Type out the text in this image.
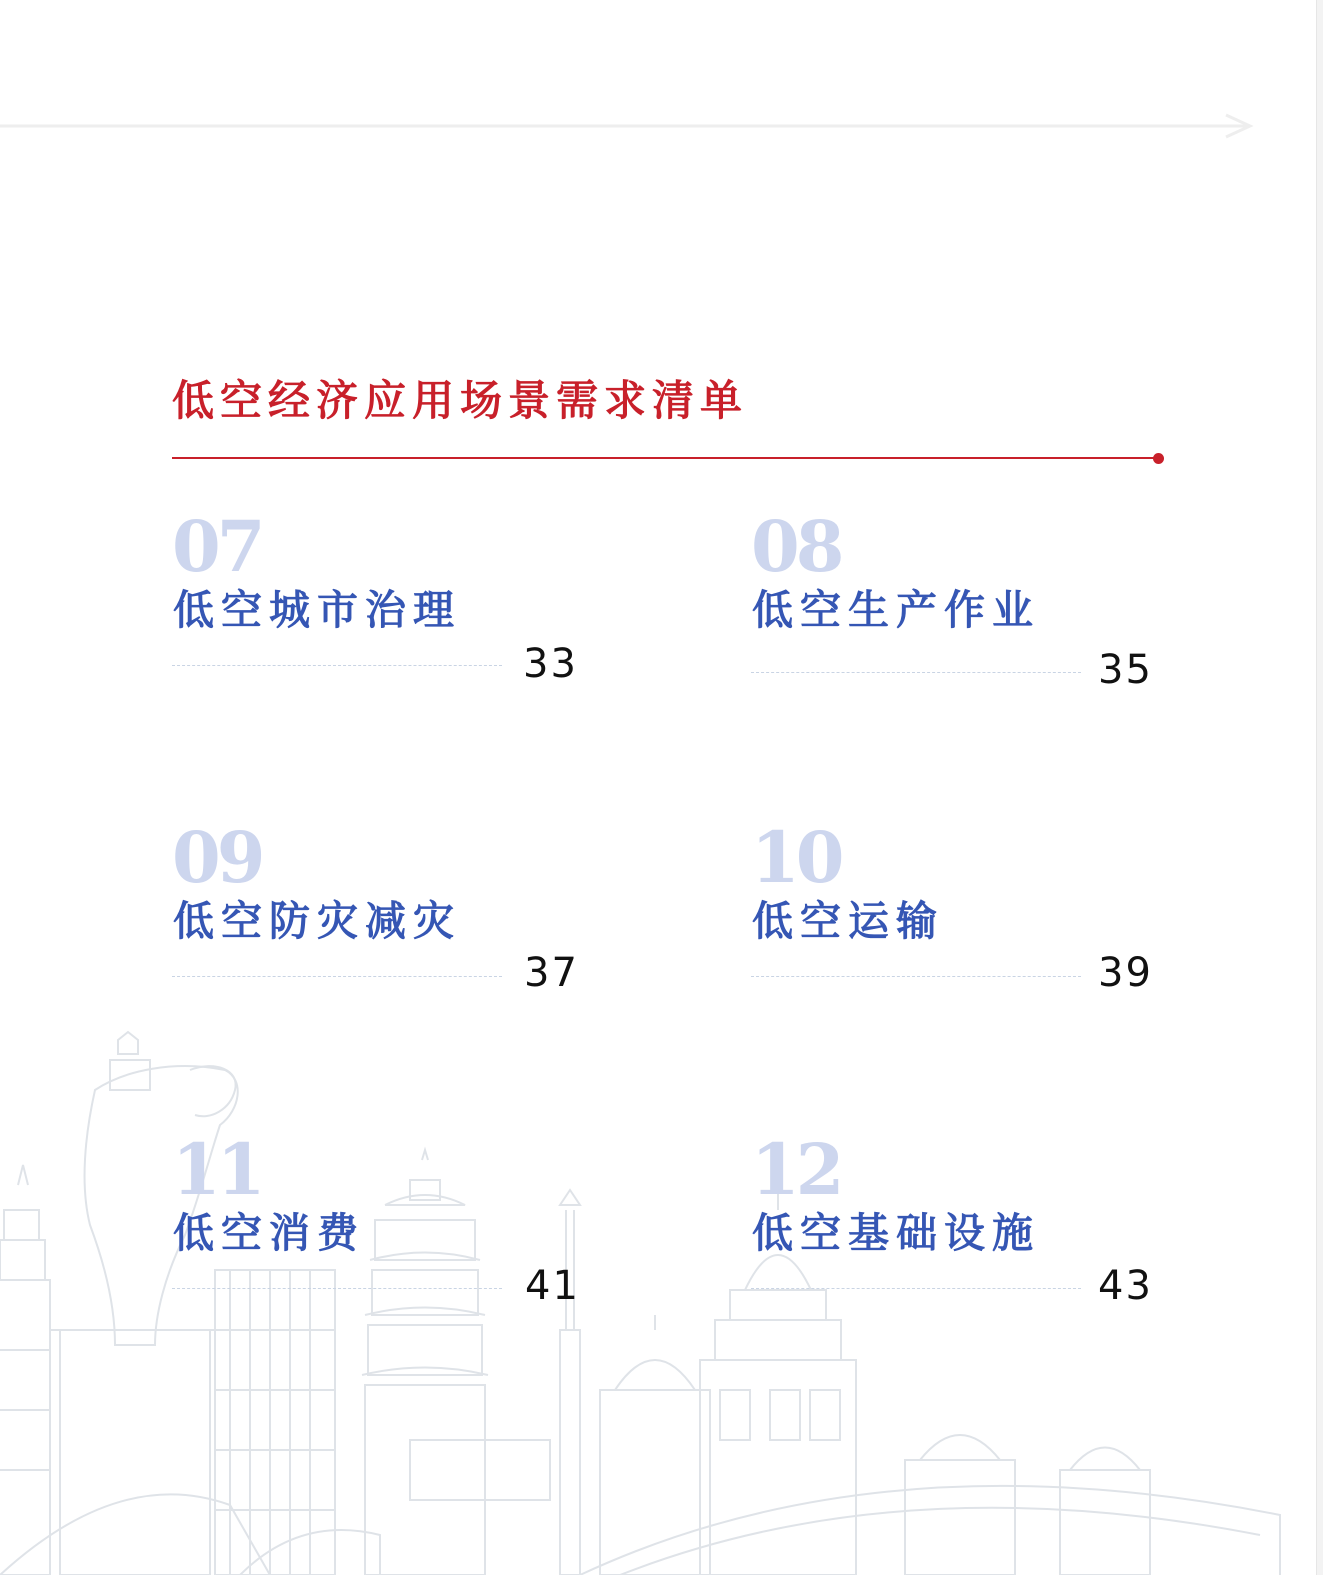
低空经济应用场景需求清单
07
低空城市治理
33
08
低空生产作业
35
09
低空防灾减灾
37
10
低空运输
39
11
低空消费
41
12
低空基础设施
43
